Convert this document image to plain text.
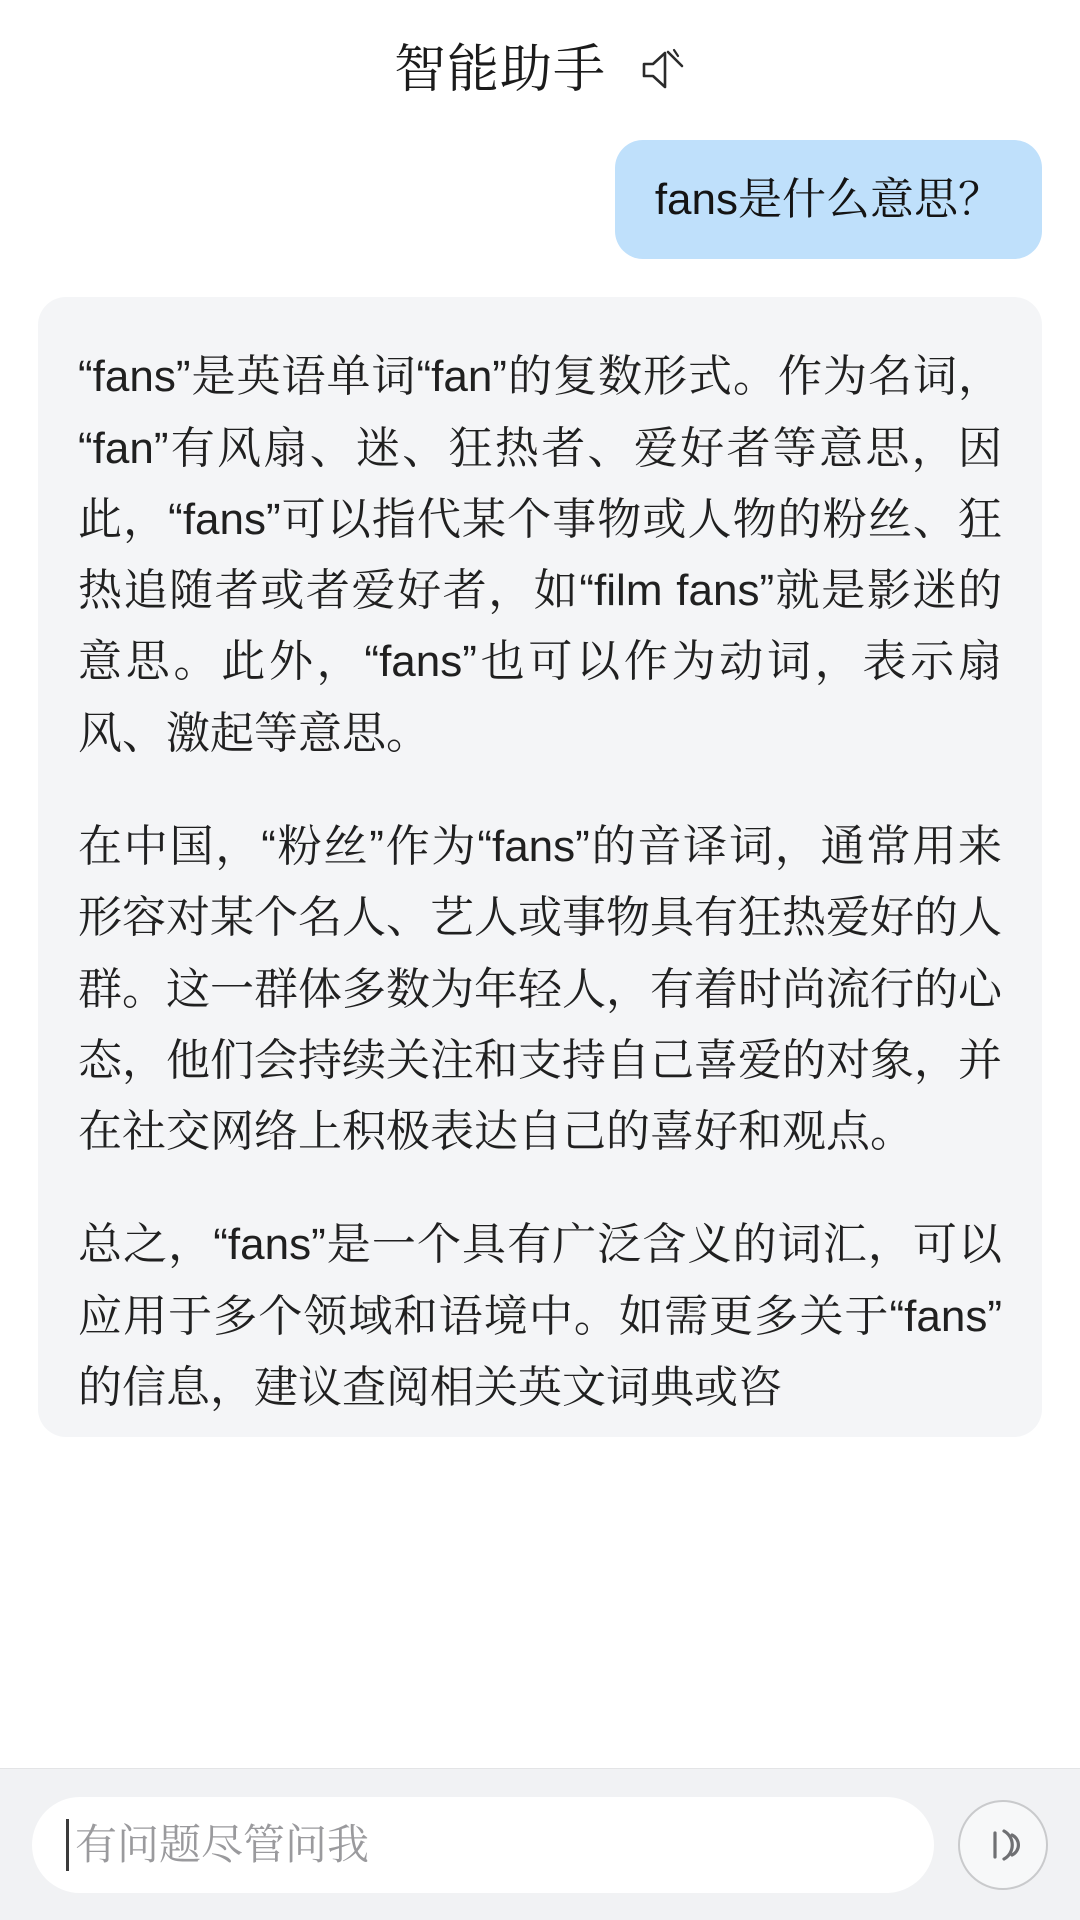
智能助手
fans是什么意思？

“fans”是英语单词“fan”的复数形式。作为名词，“fan”有风扇、迷、狂热者、爱好者等意思，因此，“fans”可以指代某个事物或人物的粉丝、狂热追随者或者爱好者，如“film fans”就是影迷的意思。此外，“fans”也可以作为动词，表示扇风、激起等意思。

在中国，“粉丝”作为“fans”的音译词，通常用来形容对某个名人、艺人或事物具有狂热爱好的人群。这一群体多数为年轻人，有着时尚流行的心态，他们会持续关注和支持自己喜爱的对象，并在社交网络上积极表达自己的喜好和观点。

总之，“fans”是一个具有广泛含义的词汇，可以应用于多个领域和语境中。如需更多关于“fans”的信息，建议查阅相关英文词典或咨

有问题尽管问我
